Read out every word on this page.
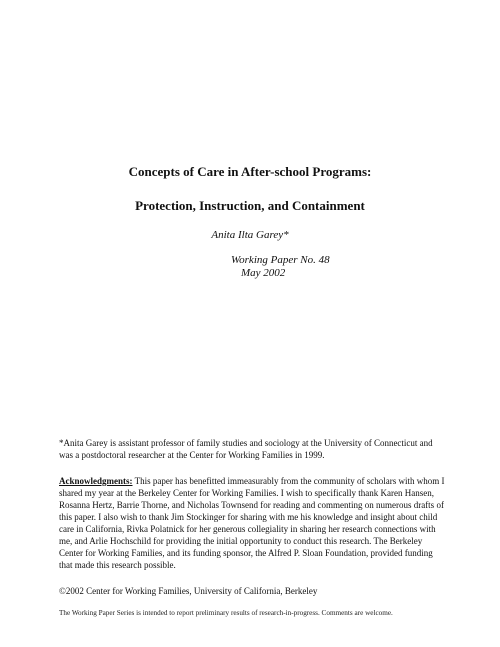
Concepts of Care in After-school Programs:
Protection, Instruction, and Containment
Anita Ilta Garey*
Working Paper No. 48
May 2002
*Anita Garey is assistant professor of family studies and sociology at the University of Connecticut and was a postdoctoral researcher at the Center for Working Families in 1999.
Acknowledgments: This paper has benefitted immeasurably from the community of scholars with whom I shared my year at the Berkeley Center for Working Families. I wish to specifically thank Karen Hansen, Rosanna Hertz, Barrie Thorne, and Nicholas Townsend for reading and commenting on numerous drafts of this paper. I also wish to thank Jim Stockinger for sharing with me his knowledge and insight about child care in California, Rivka Polatnick for her generous collegiality in sharing her research connections with me, and Arlie Hochschild for providing the initial opportunity to conduct this research. The Berkeley Center for Working Families, and its funding sponsor, the Alfred P. Sloan Foundation, provided funding that made this research possible.
©2002 Center for Working Families, University of California, Berkeley
The Working Paper Series is intended to report preliminary results of research-in-progress. Comments are welcome.
